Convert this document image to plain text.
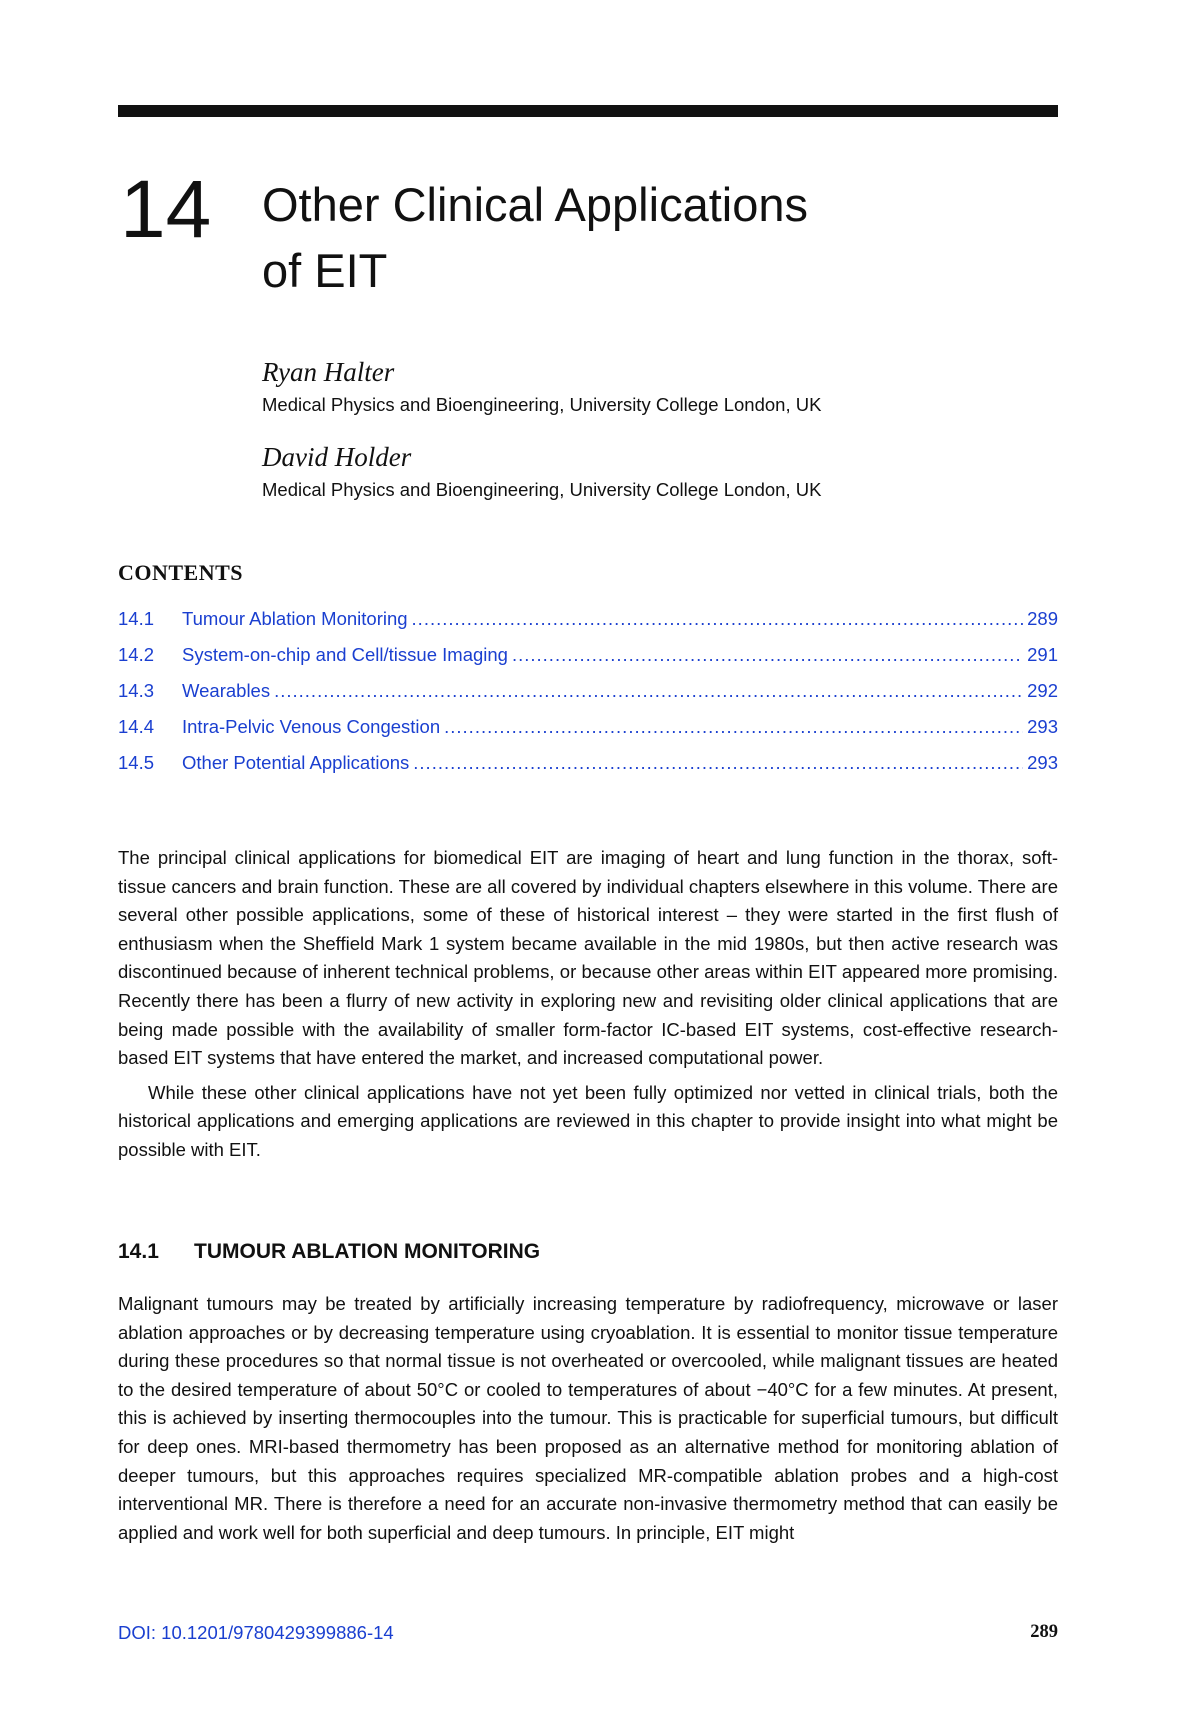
14 Other Clinical Applications
of EIT
Ryan Halter
Medical Physics and Bioengineering, University College London, UK
David Holder
Medical Physics and Bioengineering, University College London, UK
CONTENTS
14.1	Tumour Ablation Monitoring .....	289
14.2	System-on-chip and Cell/tissue Imaging .....	291
14.3	Wearables .....	292
14.4	Intra-Pelvic Venous Congestion .....	293
14.5	Other Potential Applications .....	293

The principal clinical applications for biomedical EIT are imaging of heart and lung function in the thorax, soft-tissue cancers and brain function. These are all covered by individual chapters elsewhere in this volume. There are several other possible applications, some of these of historical interest – they were started in the first flush of enthusiasm when the Sheffield Mark 1 system became available in the mid 1980s, but then active research was discontinued because of inherent technical problems, or because other areas within EIT appeared more promising. Recently there has been a flurry of new activity in exploring new and revisiting older clinical applications that are being made possible with the availability of smaller form-factor IC-based EIT systems, cost-effective research-based EIT systems that have entered the market, and increased computational power.

While these other clinical applications have not yet been fully optimized nor vetted in clinical trials, both the historical applications and emerging applications are reviewed in this chapter to provide insight into what might be possible with EIT.

14.1 TUMOUR ABLATION MONITORING

Malignant tumours may be treated by artificially increasing temperature by radiofrequency, microwave or laser ablation approaches or by decreasing temperature using cryoablation. It is essential to monitor tissue temperature during these procedures so that normal tissue is not overheated or overcooled, while malignant tissues are heated to the desired temperature of about 50°C or cooled to temperatures of about −40°C for a few minutes. At present, this is achieved by inserting thermocouples into the tumour. This is practicable for superficial tumours, but difficult for deep ones. MRI-based thermometry has been proposed as an alternative method for monitoring ablation of deeper tumours, but this approaches requires specialized MR-compatible ablation probes and a high-cost interventional MR. There is therefore a need for an accurate non-invasive thermometry method that can easily be applied and work well for both superficial and deep tumours. In principle, EIT might

DOI: 10.1201/9780429399886-14	289
